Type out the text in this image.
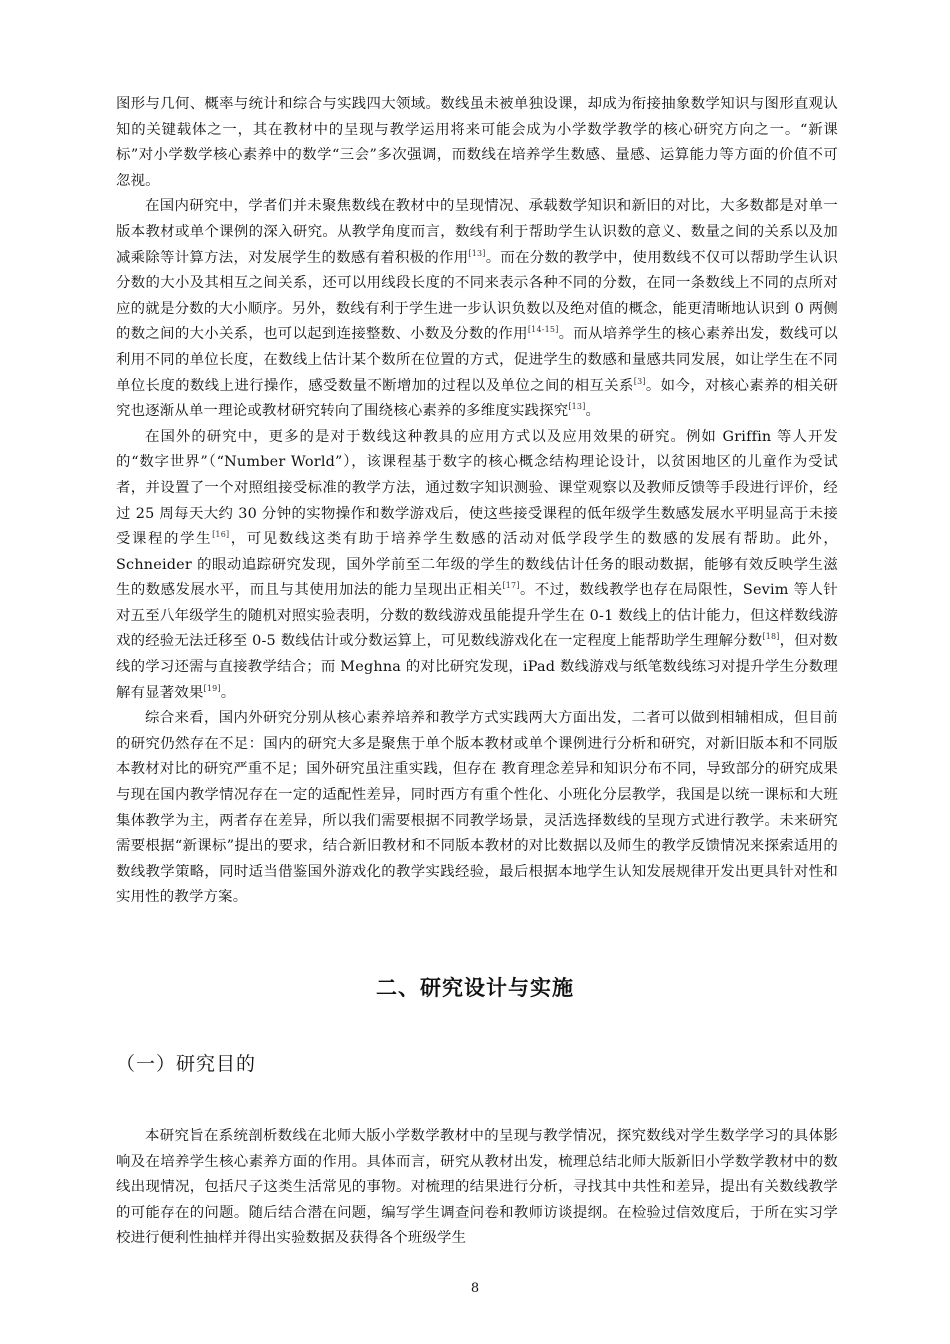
图形与几何、概率与统计和综合与实践四大领域。数线虽未被单独设课，却成为衔接抽象数学知识与图形直观认知的关键载体之一，其在教材中的呈现与教学运用将来可能会成为小学数学教学的核心研究方向之一。“新课标”对小学数学核心素养中的数学“三会”多次强调，而数线在培养学生数感、量感、运算能力等方面的价值不可忽视。

在国内研究中，学者们并未聚焦数线在教材中的呈现情况、承载数学知识和新旧的对比，大多数都是对单一版本教材或单个课例的深入研究。从教学角度而言，数线有利于帮助学生认识数的意义、数量之间的关系以及加减乘除等计算方法，对发展学生的数感有着积极的作用[13]。而在分数的教学中，使用数线不仅可以帮助学生认识分数的大小及其相互之间关系，还可以用线段长度的不同来表示各种不同的分数，在同一条数线上不同的点所对应的就是分数的大小顺序。另外，数线有利于学生进一步认识负数以及绝对值的概念，能更清晰地认识到 0 两侧的数之间的大小关系，也可以起到连接整数、小数及分数的作用[14-15]。而从培养学生的核心素养出发，数线可以利用不同的单位长度，在数线上估计某个数所在位置的方式，促进学生的数感和量感共同发展，如让学生在不同单位长度的数线上进行操作，感受数量不断增加的过程以及单位之间的相互关系[3]。如今，对核心素养的相关研究也逐渐从单一理论或教材研究转向了围绕核心素养的多维度实践探究[13]。

在国外的研究中，更多的是对于数线这种教具的应用方式以及应用效果的研究。例如 Griffin 等人开发的“数字世界”（“Number World”），该课程基于数字的核心概念结构理论设计，以贫困地区的儿童作为受试者，并设置了一个对照组接受标准的教学方法，通过数字知识测验、课堂观察以及教师反馈等手段进行评价，经过 25 周每天大约 30 分钟的实物操作和数学游戏后，使这些接受课程的低年级学生数感发展水平明显高于未接受课程的学生[16]，可见数线这类有助于培养学生数感的活动对低学段学生的数感的发展有帮助。此外，Schneider 的眼动追踪研究发现，国外学前至二年级的学生的数线估计任务的眼动数据，能够有效反映学生滋生的数感发展水平，而且与其使用加法的能力呈现出正相关[17]。不过，数线教学也存在局限性，Sevim 等人针对五至八年级学生的随机对照实验表明，分数的数线游戏虽能提升学生在 0-1 数线上的估计能力，但这样数线游戏的经验无法迁移至 0-5 数线估计或分数运算上，可见数线游戏化在一定程度上能帮助学生理解分数[18]，但对数线的学习还需与直接教学结合；而 Meghna 的对比研究发现，iPad 数线游戏与纸笔数线练习对提升学生分数理解有显著效果[19]。

综合来看，国内外研究分别从核心素养培养和教学方式实践两大方面出发，二者可以做到相辅相成，但目前的研究仍然存在不足：国内的研究大多是聚焦于单个版本教材或单个课例进行分析和研究，对新旧版本和不同版本教材对比的研究严重不足；国外研究虽注重实践，但存在 教育理念差异和知识分布不同，导致部分的研究成果与现在国内教学情况存在一定的适配性差异，同时西方有重个性化、小班化分层教学，我国是以统一课标和大班集体教学为主，两者存在差异，所以我们需要根据不同教学场景，灵活选择数线的呈现方式进行教学。未来研究需要根据“新课标”提出的要求，结合新旧教材和不同版本教材的对比数据以及师生的教学反馈情况来探索适用的数线教学策略，同时适当借鉴国外游戏化的教学实践经验，最后根据本地学生认知发展规律开发出更具针对性和实用性的教学方案。

二、研究设计与实施
（一）研究目的

本研究旨在系统剖析数线在北师大版小学数学教材中的呈现与教学情况，探究数线对学生数学学习的具体影响及在培养学生核心素养方面的作用。具体而言，研究从教材出发，梳理总结北师大版新旧小学数学教材中的数线出现情况，包括尺子这类生活常见的事物。对梳理的结果进行分析，寻找其中共性和差异，提出有关数线教学的可能存在的问题。随后结合潜在问题，编写学生调查问卷和教师访谈提纲。在检验过信效度后，于所在实习学校进行便利性抽样并得出实验数据及获得各个班级学生

8
